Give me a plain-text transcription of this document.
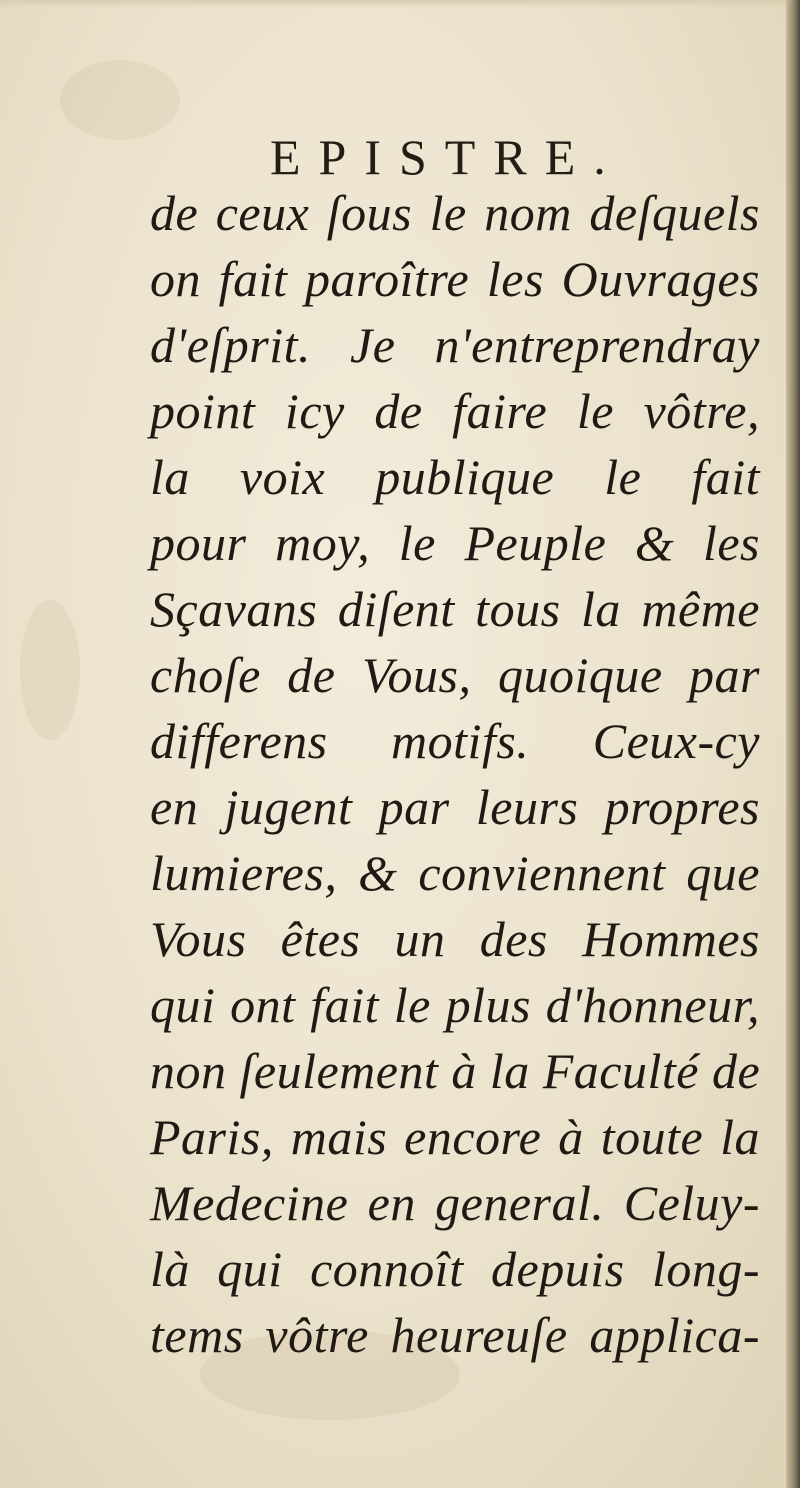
EPISTRE.
de ceux ſous le nom deſquels
on fait paroître les Ouvrages
d'eſprit. Je n'entreprendray
point icy de faire le vôtre,
la voix publique le fait
pour moy, le Peuple & les
Sçavans diſent tous la même
choſe de Vous, quoique par
differens motifs. Ceux-cy
en jugent par leurs propres
lumieres, & conviennent que
Vous êtes un des Hommes
qui ont fait le plus d'honneur,
non ſeulement à la Faculté de
Paris, mais encore à toute la
Medecine en general. Celuy-
là qui connoît depuis long-
tems vôtre heureuſe applica-
